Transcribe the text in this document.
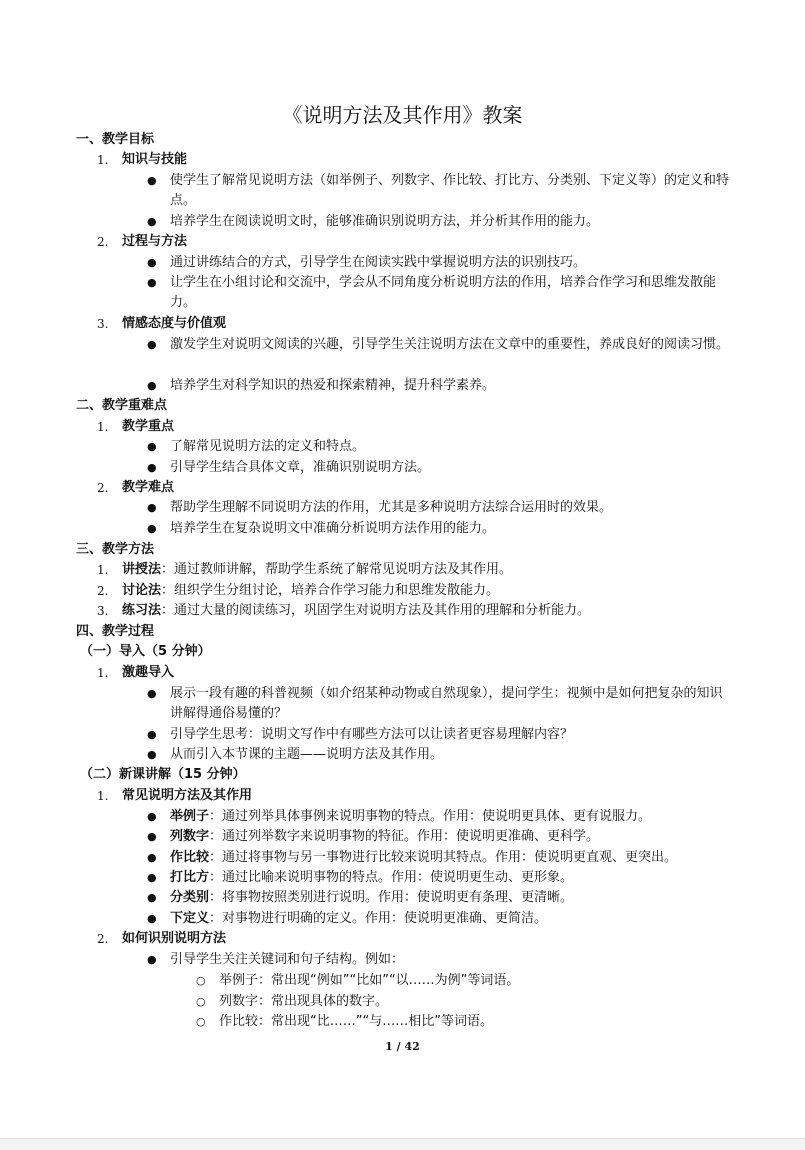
《说明方法及其作用》教案
一、教学目标
1. 知识与技能
● 使学生了解常见说明方法（如举例子、列数字、作比较、打比方、分类别、下定义等）的定义和特点。
● 培养学生在阅读说明文时，能够准确识别说明方法，并分析其作用的能力。
2. 过程与方法
● 通过讲练结合的方式，引导学生在阅读实践中掌握说明方法的识别技巧。
● 让学生在小组讨论和交流中，学会从不同角度分析说明方法的作用，培养合作学习和思维发散能力。
3. 情感态度与价值观
● 激发学生对说明文阅读的兴趣，引导学生关注说明方法在文章中的重要性，养成良好的阅读习惯。
● 培养学生对科学知识的热爱和探索精神，提升科学素养。
二、教学重难点
1. 教学重点
● 了解常见说明方法的定义和特点。
● 引导学生结合具体文章，准确识别说明方法。
2. 教学难点
● 帮助学生理解不同说明方法的作用，尤其是多种说明方法综合运用时的效果。
● 培养学生在复杂说明文中准确分析说明方法作用的能力。
三、教学方法
1. 讲授法：通过教师讲解，帮助学生系统了解常见说明方法及其作用。
2. 讨论法：组织学生分组讨论，培养合作学习能力和思维发散能力。
3. 练习法：通过大量的阅读练习，巩固学生对说明方法及其作用的理解和分析能力。
四、教学过程
（一）导入（5 分钟）
1. 激趣导入
● 展示一段有趣的科普视频（如介绍某种动物或自然现象），提问学生：视频中是如何把复杂的知识讲解得通俗易懂的？
● 引导学生思考：说明文写作中有哪些方法可以让读者更容易理解内容？
● 从而引入本节课的主题——说明方法及其作用。
（二）新课讲解（15 分钟）
1. 常见说明方法及其作用
● 举例子：通过列举具体事例来说明事物的特点。作用：使说明更具体、更有说服力。
● 列数字：通过列举数字来说明事物的特征。作用：使说明更准确、更科学。
● 作比较：通过将事物与另一事物进行比较来说明其特点。作用：使说明更直观、更突出。
● 打比方：通过比喻来说明事物的特点。作用：使说明更生动、更形象。
● 分类别：将事物按照类别进行说明。作用：使说明更有条理、更清晰。
● 下定义：对事物进行明确的定义。作用：使说明更准确、更简洁。
2. 如何识别说明方法
● 引导学生关注关键词和句子结构。例如：
○ 举例子：常出现“例如”“比如”“以……为例”等词语。
○ 列数字：常出现具体的数字。
○ 作比较：常出现“比……”“与……相比”等词语。
1 / 42
